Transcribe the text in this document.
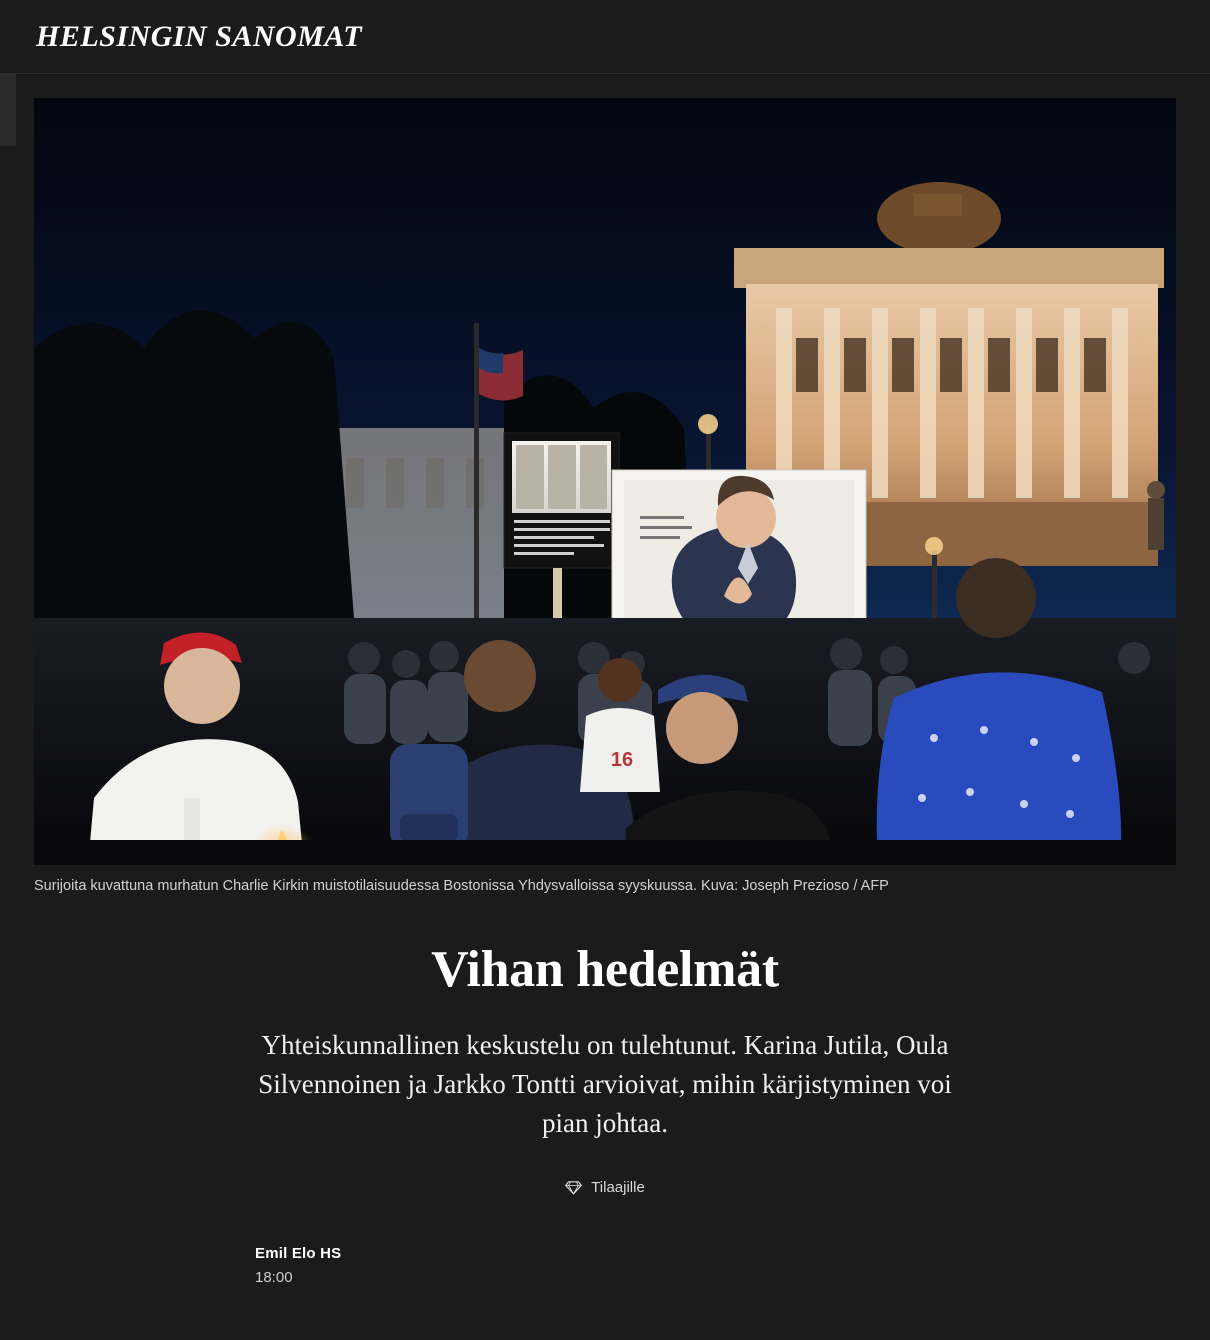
HELSINGIN SANOMAT
16
Surijoita kuvattuna murhatun Charlie Kirkin muistotilaisuudessa Bostonissa Yhdysvalloissa syyskuussa. Kuva: Joseph Prezioso / AFP
Vihan hedelmät

Yhteiskunnallinen keskustelu on tulehtunut. Karina Jutila, Oula Silvennoinen ja Jarkko Tontti arvioivat, mihin kärjistyminen voi pian johtaa.

Tilaajille
Emil Elo HS
18:00
